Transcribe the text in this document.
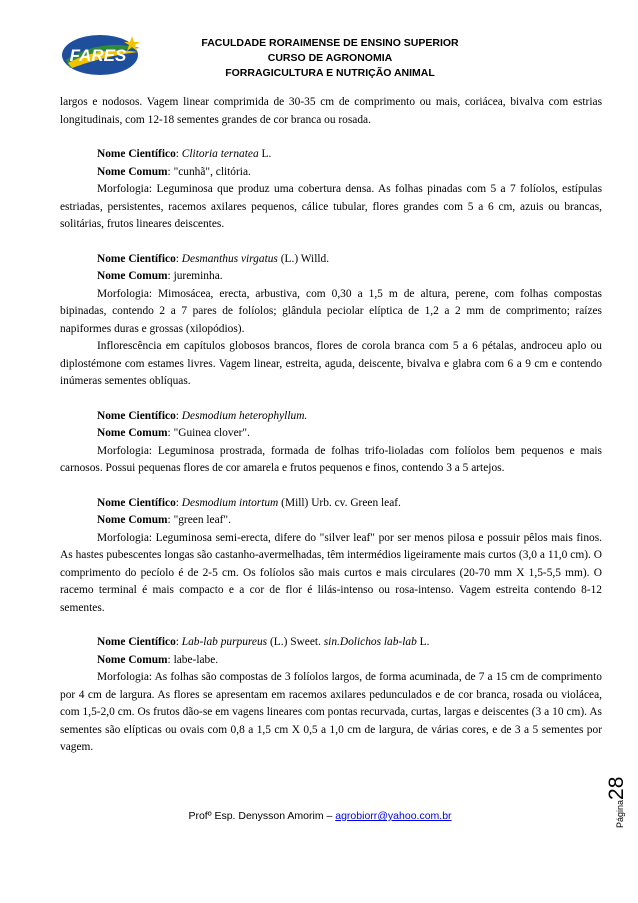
FARES
FACULDADE RORAIMENSE DE ENSINO SUPERIOR
CURSO DE AGRONOMIA
FORRAGICULTURA E NUTRIÇÃO ANIMAL

largos e nodosos. Vagem linear comprimida de 30-35 cm de comprimento ou mais, coriácea, bivalva com estrias longitudinais, com 12-18 sementes grandes de cor branca ou rosada.

Nome Científico: Clitoria ternatea L.

Nome Comum: "cunhã", clitória.

Morfologia: Leguminosa que produz uma cobertura densa. As folhas pinadas com 5 a 7 folíolos, estípulas estriadas, persistentes, racemos axilares pequenos, cálice tubular, flores grandes com 5 a 6 cm, azuis ou brancas, solitárias, frutos lineares deiscentes.

Nome Científico: Desmanthus virgatus (L.) Willd.

Nome Comum: jureminha.

Morfologia: Mimosácea, erecta, arbustiva, com 0,30 a 1,5 m de altura, perene, com folhas compostas bipinadas, contendo 2 a 7 pares de folíolos; glândula peciolar elíptica de 1,2 a 2 mm de comprimento; raízes napiformes duras e grossas (xilopódios).

Inflorescência em capítulos globosos brancos, flores de corola branca com 5 a 6 pétalas, androceu aplo ou diplostémone com estames livres. Vagem linear, estreita, aguda, deiscente, bivalva e glabra com 6 a 9 cm e contendo inúmeras sementes oblíquas.

Nome Científico: Desmodium heterophyllum.

Nome Comum: "Guinea clover".

Morfologia: Leguminosa prostrada, formada de folhas trifo-lioladas com folíolos bem pequenos e mais carnosos. Possui pequenas flores de cor amarela e frutos pequenos e finos, contendo 3 a 5 artejos.

Nome Científico: Desmodium intortum (Mill) Urb. cv. Green leaf.

Nome Comum: "green leaf".

Morfologia: Leguminosa semi-erecta, difere do "silver leaf" por ser menos pilosa e possuir pêlos mais finos. As hastes pubescentes longas são castanho-avermelhadas, têm intermédios ligeiramente mais curtos (3,0 a 11,0 cm). O comprimento do pecíolo é de 2-5 cm. Os folíolos são mais curtos e mais circulares (20-70 mm X 1,5-5,5 mm). O racemo terminal é mais compacto e a cor de flor é lilás-intenso ou rosa-intenso. Vagem estreita contendo 8-12 sementes.

Nome Científico: Lab-lab purpureus (L.) Sweet. sin.Dolichos lab-lab L.

Nome Comum: labe-labe.

Morfologia: As folhas são compostas de 3 folíolos largos, de forma acuminada, de 7 a 15 cm de comprimento por 4 cm de largura. As flores se apresentam em racemos axilares pedunculados e de cor branca, rosada ou violácea, com 1,5-2,0 cm. Os frutos dão-se em vagens lineares com pontas recurvada, curtas, largas e deiscentes (3 a 10 cm). As sementes são elípticas ou ovais com 0,8 a 1,5 cm X 0,5 a 1,0 cm de largura, de várias cores, e de 3 a 5 sementes por vagem.

Página28
Profº Esp. Denysson Amorim – agrobiorr@yahoo.com.br
